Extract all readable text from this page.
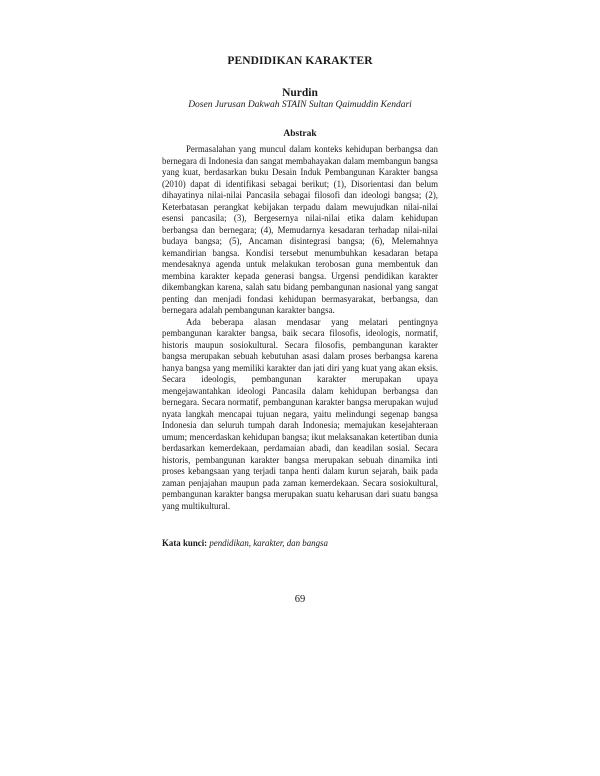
PENDIDIKAN KARAKTER
Nurdin
Dosen Jurusan Dakwah STAIN Sultan Qaimuddin Kendari
Abstrak

Permasalahan yang muncul dalam konteks kehidupan berbangsa dan bernegara di Indonesia dan sangat membahayakan dalam membangun bangsa yang kuat, berdasarkan buku Desain Induk Pembangunan Karakter bangsa (2010) dapat di identifikasi sebagai berikut; (1), Disorientasi dan belum dihayatinya nilai-nilai Pancasila sebagai filosofi dan ideologi bangsa; (2), Keterbatasan perangkat kebijakan terpadu dalam mewujudkan nilai-nilai esensi pancasila; (3), Bergesernya nilai-nilai etika dalam kehidupan berbangsa dan bernegara; (4), Memudarnya kesadaran terhadap nilai-nilai budaya bangsa; (5), Ancaman disintegrasi bangsa; (6), Melemahnya kemandirian bangsa. Kondisi tersebut menumbuhkan kesadaran betapa mendesaknya agenda untuk melakukan terobosan guna membentuk dan membina karakter kepada generasi bangsa. Urgensi pendidikan karakter dikembangkan karena, salah satu bidang pembangunan nasional yang sangat penting dan menjadi fondasi kehidupan bermasyarakat, berbangsa, dan bernegara adalah pembangunan karakter bangsa.

Ada beberapa alasan mendasar yang melatari pentingnya pembangunan karakter bangsa, baik secara filosofis, ideologis, normatif, historis maupun sosiokultural. Secara filosofis, pembangunan karakter bangsa merupakan sebuah kebutuhan asasi dalam proses berbangsa karena hanya bangsa yang memiliki karakter dan jati diri yang kuat yang akan eksis. Secara ideologis, pembangunan karakter merupakan upaya mengejawantahkan ideologi Pancasila dalam kehidupan berbangsa dan bernegara. Secara normatif, pembangunan karakter bangsa merupakan wujud nyata langkah mencapai tujuan negara, yaitu melindungi segenap bangsa Indonesia dan seluruh tumpah darah Indonesia; memajukan kesejahteraan umum; mencerdaskan kehidupan bangsa; ikut melaksanakan ketertiban dunia berdasarkan kemerdekaan, perdamaian abadi, dan keadilan sosial. Secara historis, pembangunan karakter bangsa merupakan sebuah dinamika inti proses kebangsaan yang terjadi tanpa henti dalam kurun sejarah, baik pada zaman penjajahan maupun pada zaman kemerdekaan. Secara sosiokultural, pembangunan karakter bangsa merupakan suatu keharusan dari suatu bangsa yang multikultural.

Kata kunci: pendidikan, karakter, dan bangsa
69
